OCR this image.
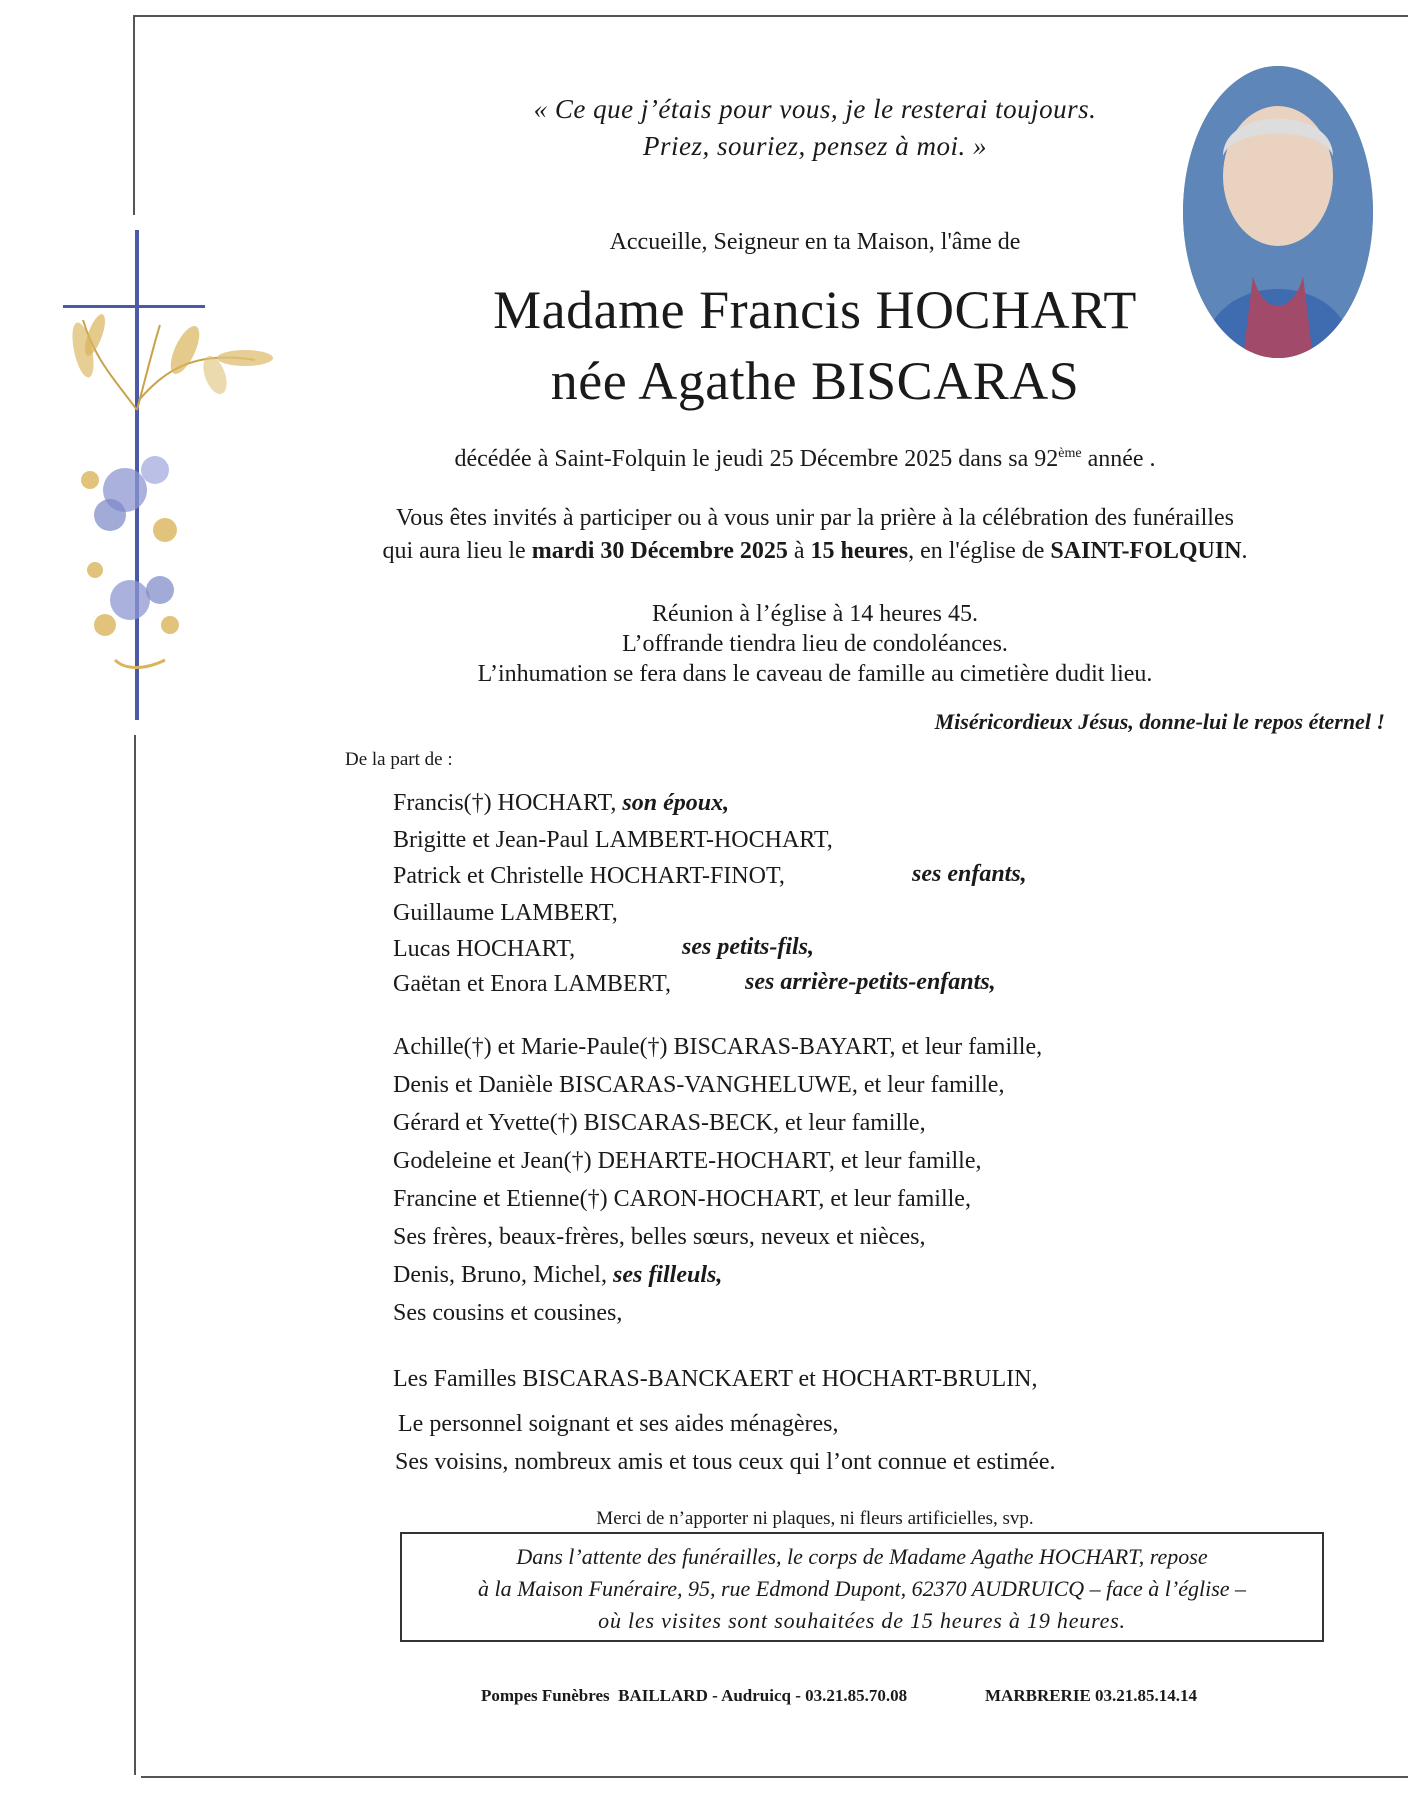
« Ce que j’étais pour vous, je le resterai toujours.
Priez, souriez, pensez à moi. »
Accueille, Seigneur en ta Maison, l'âme de
Madame Francis HOCHART
née Agathe BISCARAS
décédée à Saint-Folquin le jeudi 25 Décembre 2025 dans sa 92ème année .
Vous êtes invités à participer ou à vous unir par la prière à la célébration des funérailles
qui aura lieu le mardi 30 Décembre 2025 à 15 heures, en l'église de SAINT-FOLQUIN.
Réunion à l’église à 14 heures 45.
L’offrande tiendra lieu de condoléances.
L’inhumation se fera dans le caveau de famille au cimetière dudit lieu.
Miséricordieux Jésus, donne-lui le repos éternel !
De la part de :
Francis(†) HOCHART, son époux,
Brigitte et Jean-Paul LAMBERT-HOCHART,
Patrick et Christelle HOCHART-FINOT,	ses enfants,
Guillaume LAMBERT,
Lucas HOCHART,	ses petits-fils,
Gaëtan et Enora LAMBERT,	ses arrière-petits-enfants,
Achille(†) et Marie-Paule(†) BISCARAS-BAYART, et leur famille,
Denis et Danièle BISCARAS-VANGHELUWE, et leur famille,
Gérard et Yvette(†) BISCARAS-BECK, et leur famille,
Godeleine et Jean(†) DEHARTE-HOCHART, et leur famille,
Francine et Etienne(†) CARON-HOCHART, et leur famille,
Ses frères, beaux-frères, belles sœurs, neveux et nièces,
Denis, Bruno, Michel, ses filleuls,
Ses cousins et cousines,
Les Familles BISCARAS-BANCKAERT et HOCHART-BRULIN,
Le personnel soignant et ses aides ménagères,
Ses voisins, nombreux amis et tous ceux qui l’ont connue et estimée.
Merci de n’apporter ni plaques, ni fleurs artificielles, svp.
Dans l’attente des funérailles, le corps de Madame Agathe HOCHART, repose
à la Maison Funéraire, 95, rue Edmond Dupont, 62370 AUDRUICQ – face à l’église –
où les visites sont souhaitées de 15 heures à 19 heures.
Pompes Funèbres  BAILLARD - Audruicq - 03.21.85.70.08	MARBRERIE 03.21.85.14.14
